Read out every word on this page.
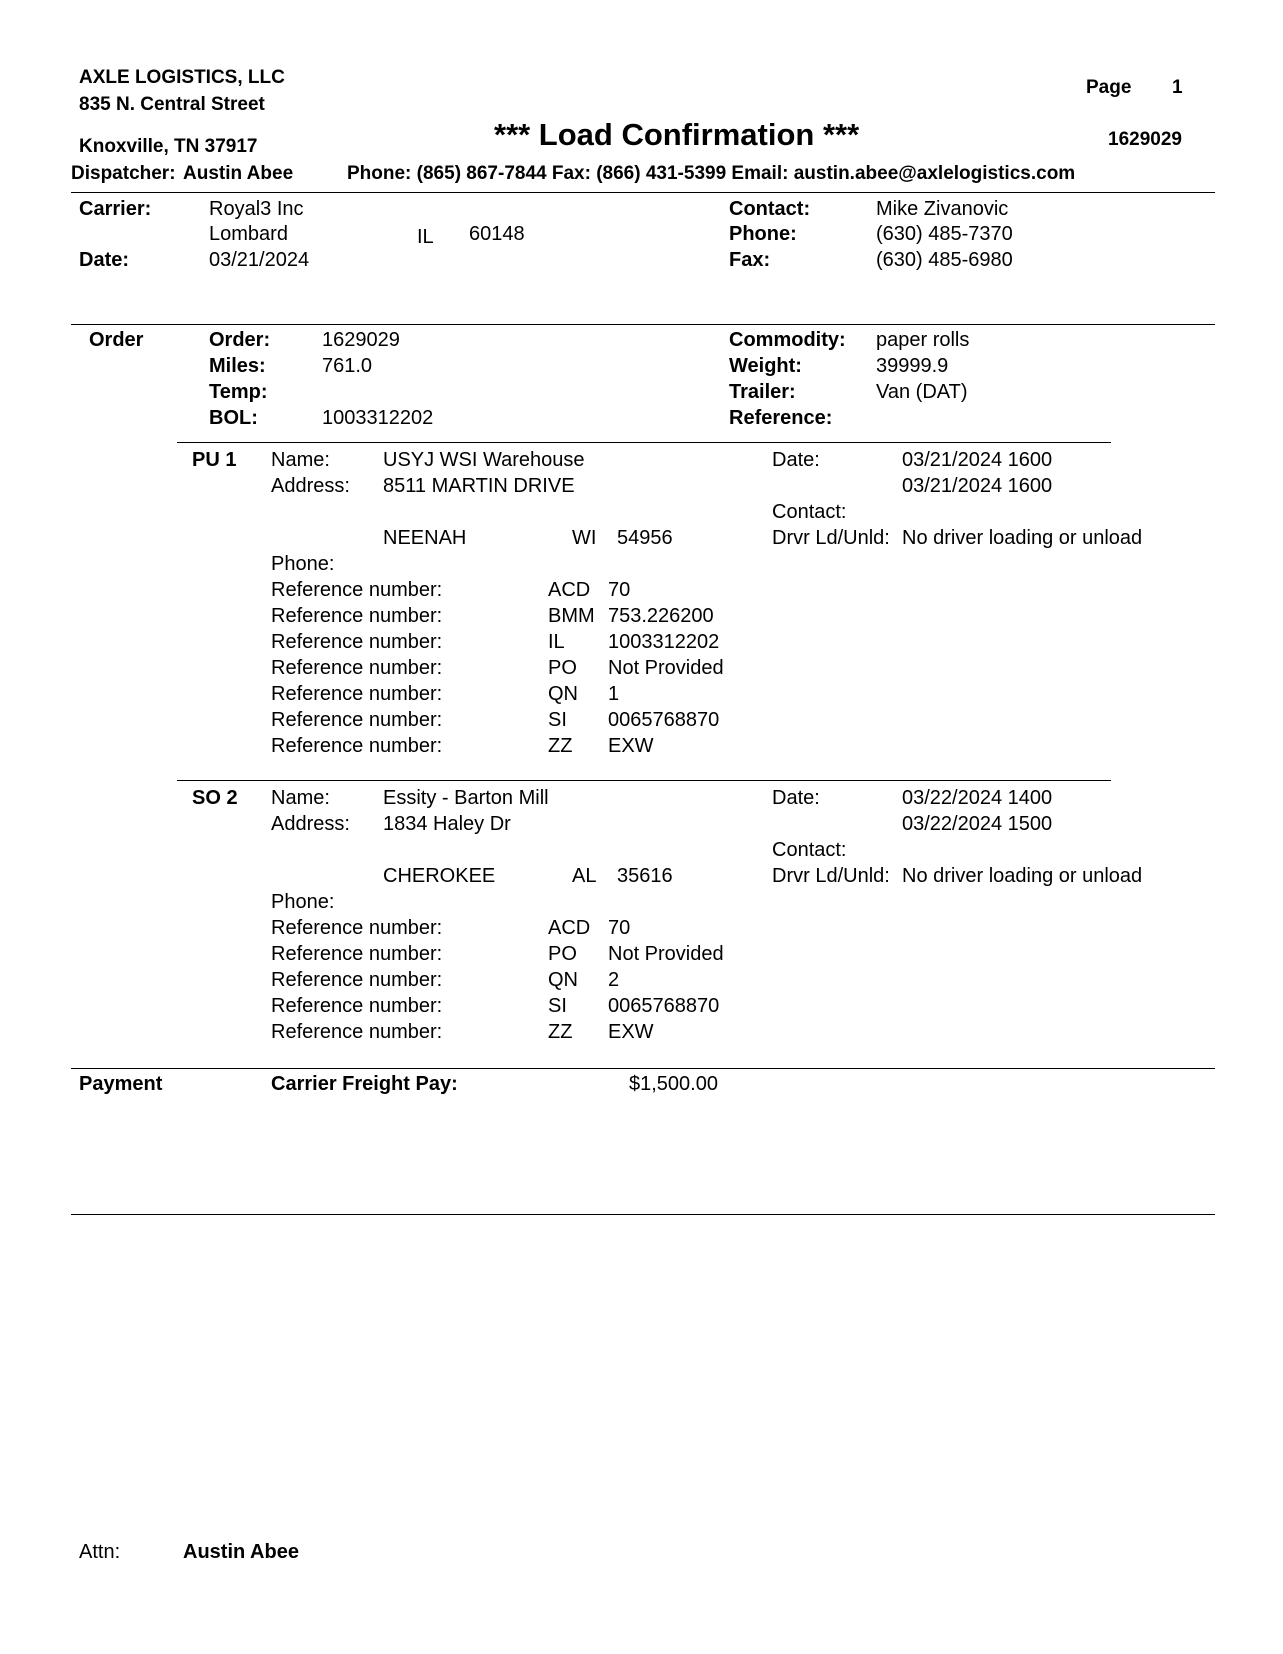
AXLE LOGISTICS, LLC
835 N. Central Street
Knoxville, TN 37917
Dispatcher: Austin Abee	Phone: (865) 867-7844 Fax: (866) 431-5399 Email: austin.abee@axlelogistics.com
Page 1
*** Load Confirmation ***	1629029
Carrier:	Royal3 Inc
Lombard	IL 60148
Date:	03/21/2024
Contact:	Mike Zivanovic
Phone:	(630) 485-7370
Fax:	(630) 485-6980
Order	Order:	1629029
Miles:	761.0
Temp:
BOL:	1003312202
Commodity: paper rolls
Weight:	39999.9
Trailer:	Van (DAT)
Reference:
PU 1 Name:	USYJ WSI Warehouse
Address: 8511 MARTIN DRIVE
NEENAH	WI 54956
Phone:
Date:	03/21/2024 1600
03/21/2024 1600
Contact:
Drvr Ld/Unld: No driver loading or unload
Reference number:	ACD 70
Reference number:	BMM 753.226200
Reference number:	IL 1003312202
Reference number:	PO Not Provided
Reference number:	QN 1
Reference number:	SI 0065768870
Reference number:	ZZ EXW
SO 2 Name:	Essity - Barton Mill
Address: 1834 Haley Dr
CHEROKEE	AL 35616
Phone:
Date:	03/22/2024 1400
03/22/2024 1500
Contact:
Drvr Ld/Unld: No driver loading or unload
Reference number:	ACD 70
Reference number:	PO Not Provided
Reference number:	QN 2
Reference number:	SI 0065768870
Reference number:	ZZ EXW
Payment	Carrier Freight Pay:	$1,500.00
Attn:	Austin Abee
